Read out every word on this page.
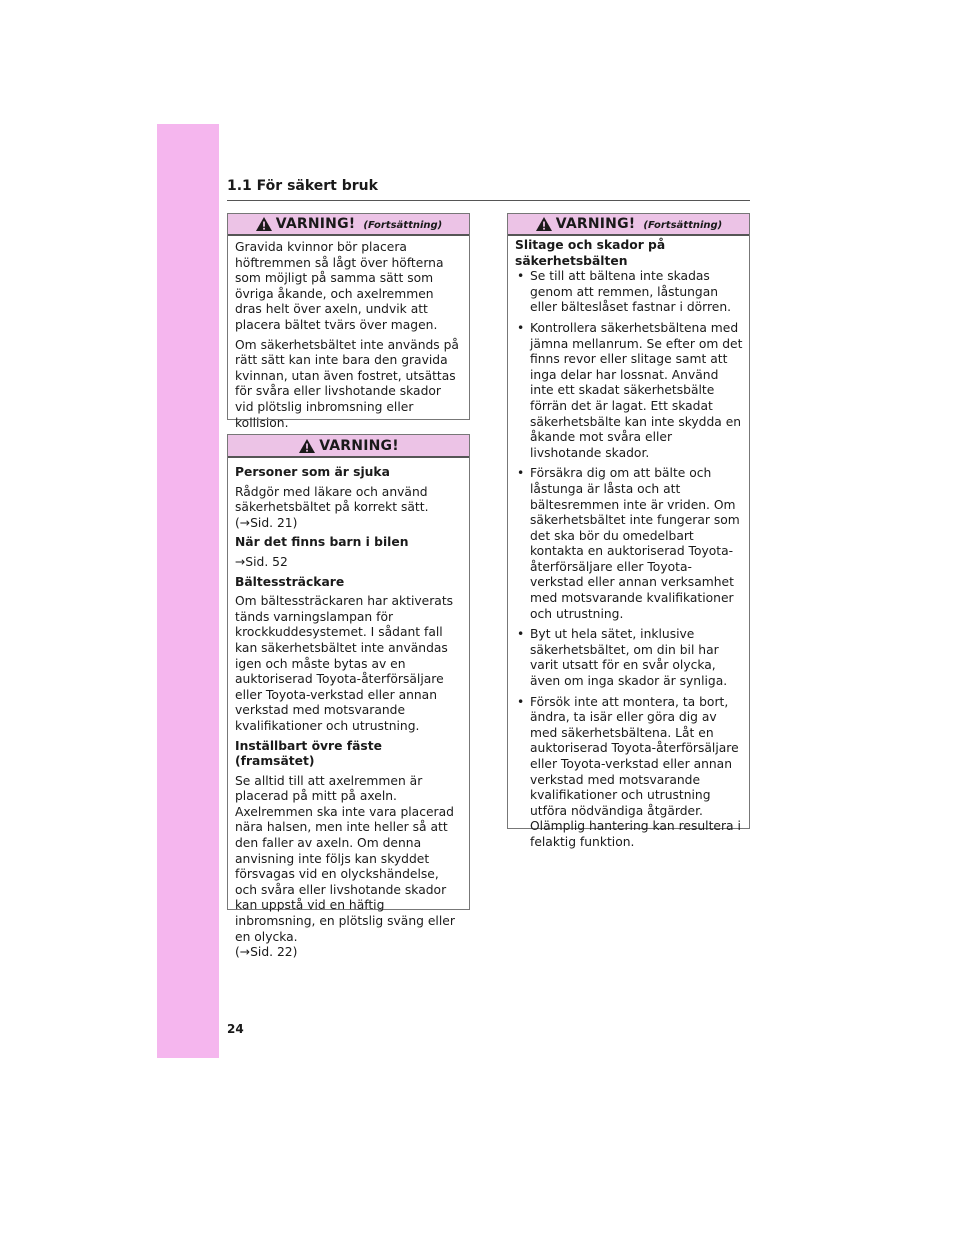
1.1 För säkert bruk
VARNING! (Fortsättning)

Gravida kvinnor bör placera höftremmen så lågt över höfterna som möjligt på samma sätt som övriga åkande, och axelremmen dras helt över axeln, undvik att placera bältet tvärs över magen.

Om säkerhetsbältet inte används på rätt sätt kan inte bara den gravida kvinnan, utan även fostret, utsättas för svåra eller livshotande skador vid plötslig inbromsning eller kollision.

VARNING!

Personer som är sjuka

Rådgör med läkare och använd säkerhetsbältet på korrekt sätt.
(→Sid. 21)

När det finns barn i bilen

→Sid. 52

Bältessträckare

Om bältessträckaren har aktiverats tänds varningslampan för krockkuddesystemet. I sådant fall kan säkerhetsbältet inte användas igen och måste bytas av en auktoriserad Toyota-återförsäljare eller Toyota-verkstad eller annan verkstad med motsvarande kvalifikationer och utrustning.

Inställbart övre fäste (framsätet)

Se alltid till att axelremmen är placerad på mitt på axeln. Axelremmen ska inte vara placerad nära halsen, men inte heller så att den faller av axeln. Om denna anvisning inte följs kan skyddet försvagas vid en olyckshändelse, och svåra eller livshotande skador kan uppstå vid en häftig inbromsning, en plötslig sväng eller en olycka.
(→Sid. 22)

VARNING! (Fortsättning)

Slitage och skador på säkerhetsbälten

• Se till att bältena inte skadas genom att remmen, låstungan eller bälteslåset fastnar i dörren.
• Kontrollera säkerhetsbältena med jämna mellanrum. Se efter om det finns revor eller slitage samt att inga delar har lossnat. Använd inte ett skadat säkerhetsbälte förrän det är lagat. Ett skadat säkerhetsbälte kan inte skydda en åkande mot svåra eller livshotande skador.
• Försäkra dig om att bälte och låstunga är låsta och att bältesremmen inte är vriden. Om säkerhetsbältet inte fungerar som det ska bör du omedelbart kontakta en auktoriserad Toyota-återförsäljare eller Toyota-verkstad eller annan verksamhet med motsvarande kvalifikationer och utrustning.
• Byt ut hela sätet, inklusive säkerhetsbältet, om din bil har varit utsatt för en svår olycka, även om inga skador är synliga.
• Försök inte att montera, ta bort, ändra, ta isär eller göra dig av med säkerhetsbältena. Låt en auktoriserad Toyota-återförsäljare eller Toyota-verkstad eller annan verkstad med motsvarande kvalifikationer och utrustning utföra nödvändiga åtgärder. Olämplig hantering kan resultera i felaktig funktion.
24
